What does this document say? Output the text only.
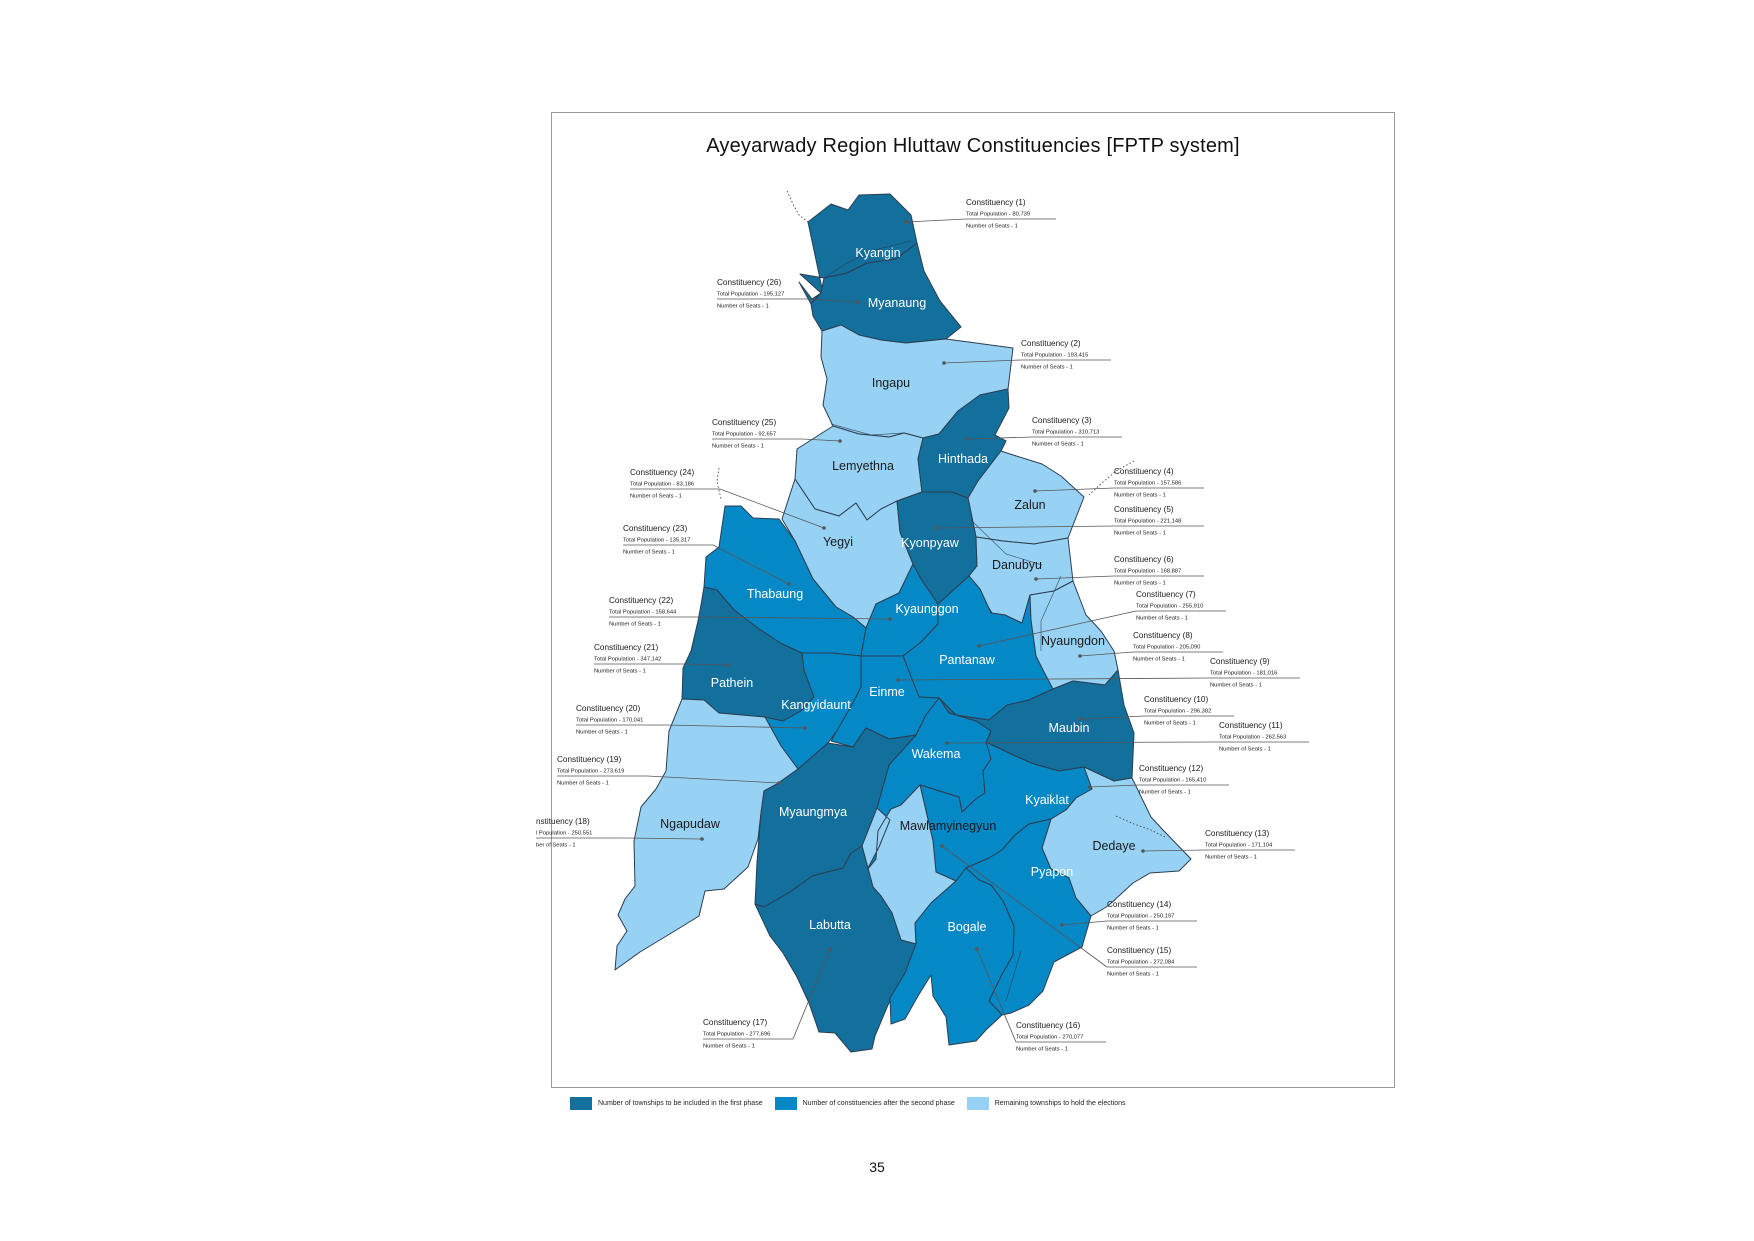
Ayeyarwady Region Hluttaw Constituencies [FPTP system]
Kyangin
Myanaung
Ingapu
Lemyethna	Hinthada
Zalun
Yegyi	Kyonpyaw
Danubyu
Thabaung
Kyaunggon
Pantanaw
Nyaungdon
Pathein
Kangyidaunt
Einme
Maubin
Wakema
Ngapudaw
Myaungmya
Kyaiklat
Mawlamyinegyun
Dedaye
Pyapon
Labutta	Bogale
Constituency (1)
Total Population - 80,739
Number of Seats - 1
Constituency (2)
Total Population - 193,415
Number of Seats - 1
Constituency (3)
Total Population - 310,713
Number of Seats - 1
Constituency (4)
Total Population - 157,586
Number of Seats - 1
Constituency (5)
Total Population - 221,148
Number of Seats - 1
Constituency (6)
Total Population - 168,887
Number of Seats - 1
Constituency (7)
Total Population - 255,910
Number of Seats - 1
Constituency (8)
Total Population - 205,090
Number of Seats - 1	Constituency (9)
Total Population - 181,016
Number of Seats - 1
Constituency (10)
Total Population - 296,382
Number of Seats - 1	Constituency (11)
Total Population - 262,563
Number of Seats - 1
Constituency (12)
Total Population - 165,410
Number of Seats - 1
Constituency (13)
Total Population - 171,104
Number of Seats - 1
Constituency (14)
Total Population - 250,197
Number of Seats - 1
Constituency (15)
Total Population - 272,084
Number of Seats - 1
Constituency (16)
Total Population - 270,077
Number of Seats - 1
Constituency (17)
Total Population - 277,696
Number of Seats - 1
nstituency (18)
l Population - 250,551
ber of Seats - 1
Constituency (19)
Total Population - 273,619
Number of Seats - 1
Constituency (20)
Total Population - 170,041
Number of Seats - 1
Constituency (21)
Total Population - 347,142
Number of Seats - 1
Constituency (22)
Total Population - 158,644
Number of Seats - 1
Constituency (23)
Total Population - 135,317
Number of Seats - 1
Constituency (24)
Total Population - 83,186
Number of Seats - 1
Constituency (25)
Total Population - 92,657
Number of Seats - 1
Constituency (26)
Total Population - 195,127
Number of Seats - 1
Number of townships to be included in the first phase	Number of constituencies after the second phase	Remaining townships to hold the elections
35
